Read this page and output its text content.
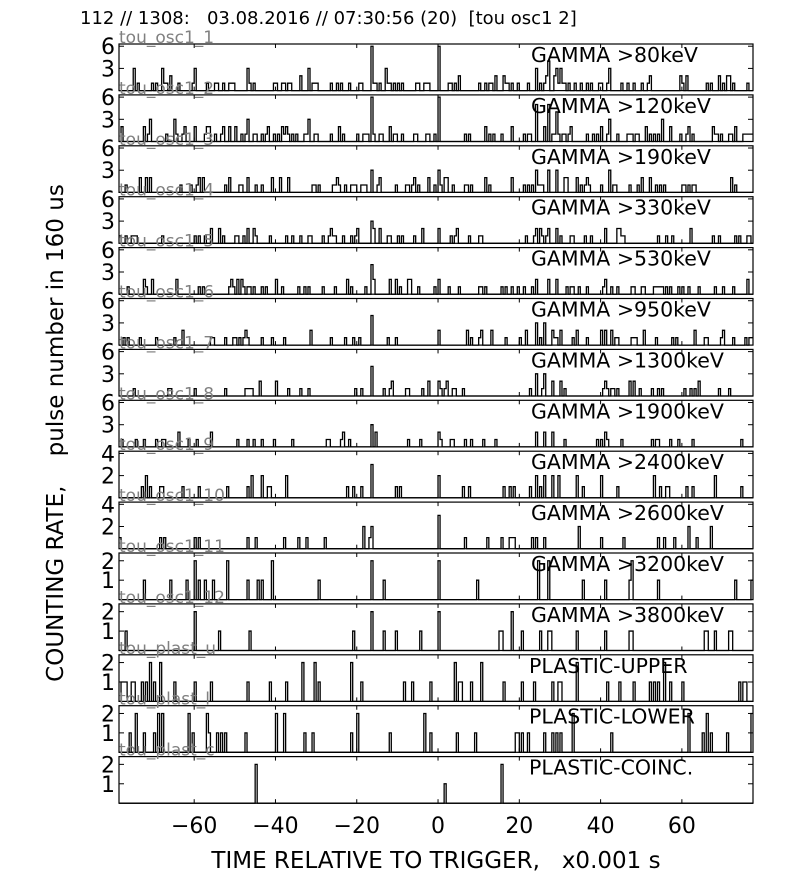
112 // 1308:   03.08.2016 // 07:30:56 (20)  [tou osc1 2]
3
6	GAMMA >80keV
tou_osc1_1
3
6	GAMMA >120keV
tou_osc1_2
3
6	GAMMA >190keV
tou_osc1_3
3
6	GAMMA >330keV
tou_osc1_4
3
6	GAMMA >530keV
tou_osc1_5
3
6	GAMMA >950keV
tou_osc1_6
3
6	GAMMA >1300keV
tou_osc1_7
3
6	GAMMA >1900keV
tou_osc1_8
2
4	GAMMA >2400keV
tou_osc1_9
2
4	GAMMA >2600keV
tou_osc1_10
1
2	GAMMA >3200keV
tou_osc1_11
1
2	GAMMA >3800keV
tou_osc1_12
1
2	PLASTIC-UPPER
tou_plast_u
1
2	PLASTIC-LOWER
tou_plast_l
1
2	PLASTIC-COINC.
tou_plast_c
−60 −40 −20 0	20 40 60
COUNTING RATE,    pulse number in 160 us
TIME RELATIVE TO TRIGGER,   x0.001 s
